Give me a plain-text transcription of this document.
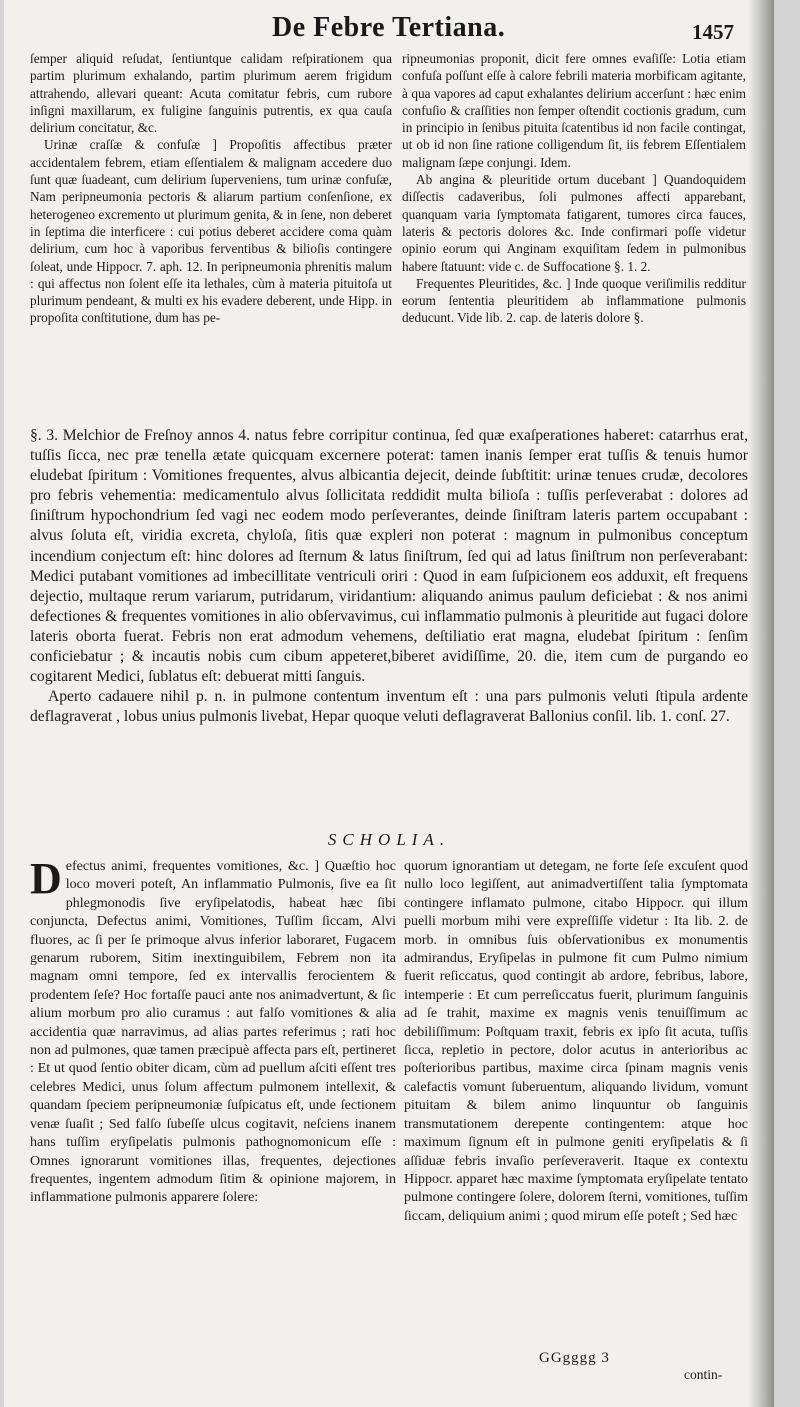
De Febre Tertiana.	1457

ſemper aliquid reſudat, ſentiuntque calidam reſpirationem qua partim plurimum exhalando, partim plurimum aerem frigidum attrahendo, allevari queant: Acuta comitatur febris, cum rubore inſigni maxillarum, ex fuligine ſanguinis putrentis, ex qua cauſa delirium concitatur, &c.

Urinæ craſſæ & confuſæ ] Propoſitis affectibus præter accidentalem febrem, etiam eſſentialem & malignam accedere duo ſunt quæ ſuadeant, cum delirium ſuperveniens, tum urinæ confuſæ, Nam peripneumonia pectoris & aliarum partium conſenſione, ex heterogeneo excremento ut plurimum genita, & in ſene, non deberet in ſeptima die interficere : cui potius deberet accidere coma quàm delirium, cum hoc à vaporibus ferventibus & bilioſis contingere ſoleat, unde Hippocr. 7. aph. 12. In peripneumonia phrenitis malum : qui affectus non ſolent eſſe ita lethales, cùm à materia pituitoſa ut plurimum pendeant, & multi ex his evadere deberent, unde Hipp. in propoſita conſtitutione, dum has pe-

ripneumonias proponit, dicit fere omnes evaſiſſe: Lotia etiam confuſa poſſunt eſſe à calore febrili materia morbificam agitante, à qua vapores ad caput exhalantes delirium accerſunt : hæc enim confuſio & craſſities non ſemper oſtendit coctionis gradum, cum in principio in ſenibus pituita ſcatentibus id non facile contingat, ut ob id non ſine ratione colligendum ſit, iis febrem Eſſentialem malignam ſæpe conjungi. Idem.

Ab angina & pleuritide ortum ducebant ] Quandoquidem diſſectis cadaveribus, ſoli pulmones affecti apparebant, quanquam varia ſymptomata fatigarent, tumores circa fauces, lateris & pectoris dolores &c. Inde confirmari poſſe videtur opinio eorum qui Anginam exquiſitam ſedem in pulmonibus habere ſtatuunt: vide c. de Suffocatione §. 1. 2.

Frequentes Pleuritides, &c. ] Inde quoque veriſimilis redditur eorum ſententia pleuritidem ab inflammatione pulmonis deducunt. Vide lib. 2. cap. de lateris dolore §.

§. 3. Melchior de Freſnoy annos 4. natus febre corripitur continua, ſed quæ exaſperationes haberet: catarrhus erat, tuſſis ſicca, nec præ tenella ætate quicquam excernere poterat: tamen inanis ſemper erat tuſſis & tenuis humor eludebat ſpiritum : Vomitiones frequentes, alvus albicantia dejecit, deinde ſubſtitit: urinæ tenues crudæ, decolores pro febris vehementia: medicamentulo alvus ſollicitata reddidit multa bilioſa : tuſſis perſeverabat : dolores ad ſiniſtrum hypochondrium ſed vagi nec eodem modo perſeverantes, deinde ſiniſtram lateris partem occupabant : alvus ſoluta eſt, viridia excreta, chyloſa, ſitis quæ expleri non poterat : magnum in pulmonibus conceptum incendium conjectum eſt: hinc dolores ad ſternum & latus ſiniſtrum, ſed qui ad latus ſiniſtrum non perſeverabant: Medici putabant vomitiones ad imbecillitate ventriculi oriri : Quod in eam ſuſpicionem eos adduxit, eſt frequens dejectio, multaque rerum variarum, putridarum, viridantium: aliquando animus paulum deficiebat : & nos animi defectiones & frequentes vomitiones in alio obſervavimus, cui inflammatio pulmonis à pleuritide aut fugaci dolore lateris oborta fuerat. Febris non erat admodum vehemens, deſtiliatio erat magna, eludebat ſpiritum : ſenſim conficiebatur ; & incautis nobis cum cibum appeteret,biberet avidiſſime, 20. die, item cum de purgando eo cogitarent Medici, ſublatus eſt: debuerat mitti ſanguis.

Aperto cadauere nihil p. n. in pulmone contentum inventum eſt : una pars pulmonis veluti ſtipula ardente deflagraverat , lobus unius pulmonis livebat, Hepar quoque veluti deflagraverat Ballonius conſil. lib. 1. conſ. 27.

SCHOLIA.
D efectus animi, frequentes vomitiones, &c. ] Quæſtio hoc loco moveri poteſt, An inflammatio Pulmonis, ſive ea ſit phlegmonodis ſive eryſipelatodis, habeat hæc ſibi conjuncta, Defectus animi, Vomitiones, Tuſſim ſiccam, Alvi fluores, ac ſi per ſe primoque alvus inferior laboraret, Fugacem genarum ruborem, Sitim inextinguibilem, Febrem non ita magnam omni tempore, ſed ex intervallis ferocientem & prodentem ſeſe? Hoc fortaſſe pauci ante nos animadvertunt, & ſic alium morbum pro alio curamus : aut falſo vomitiones & alia accidentia quæ narravimus, ad alias partes referimus ; rati hoc non ad pulmones, quæ tamen præcipuè affecta pars eſt, pertineret : Et ut quod ſentio obiter dicam, cùm ad puellum aſciti eſſent tres celebres Medici, unus ſolum affectum pulmonem intellexit, & quandam ſpeciem peripneumoniæ ſuſpicatus eſt, unde ſectionem venæ ſuaſit ; Sed falſo ſubeſſe ulcus cogitavit, neſciens inanem hans tuſſim eryſipelatis pulmonis pathognomonicum eſſe : Omnes ignorarunt vomitiones illas, frequentes, dejectiones frequentes, ingentem admodum ſitim & opinione majorem, in inflammatione pulmonis apparere ſolere:

quorum ignorantiam ut detegam, ne forte ſeſe excuſent quod nullo loco legiſſent, aut animadvertiſſent talia ſymptomata contingere inflamato pulmone, citabo Hippocr. qui illum puelli morbum mihi vere expreſſiſſe videtur : Ita lib. 2. de morb. in omnibus ſuis obſervationibus ex monumentis admirandus, Eryſipelas in pulmone fit cum Pulmo nimium fuerit reſiccatus, quod contingit ab ardore, febribus, labore, intemperie : Et cum perreſiccatus fuerit, plurimum ſanguinis ad ſe trahit, maxime ex magnis venis tenuiſſimum ac debiliſſimum: Poſtquam traxit, febris ex ipſo ſit acuta, tuſſis ſicca, repletio in pectore, dolor acutus in anterioribus ac poſterioribus partibus, maxime circa ſpinam magnis venis calefactis vomunt ſuberuentum, aliquando lividum, vomunt pituitam & bilem animo linquuntur ob ſanguinis transmutationem derepente contingentem: atque hoc maximum ſignum eſt in pulmone geniti eryſipelatis & ſi aſſiduæ febris invaſio perſeveraverit. Itaque ex contextu Hippocr. apparet hæc maxime ſymptomata eryſipelate tentato pulmone contingere ſolere, dolorem ſterni, vomitiones, tuſſim ſiccam, deliquium animi ; quod mirum eſſe poteſt ; Sed hæc

GGgggg 3
contin-
